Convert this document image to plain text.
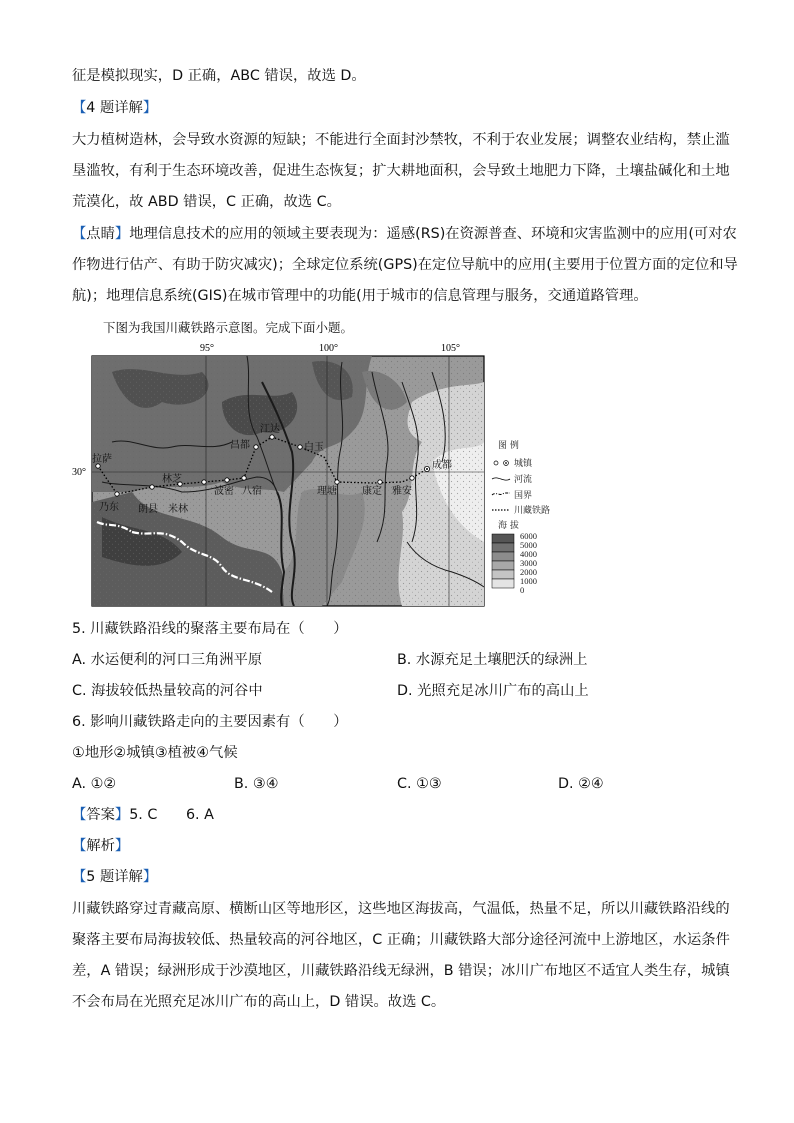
征是模拟现实，D 正确，ABC 错误，故选 D。
【4 题详解】
大力植树造林，会导致水资源的短缺；不能进行全面封沙禁牧，不利于农业发展；调整农业结构，禁止滥
垦滥牧，有利于生态环境改善，促进生态恢复；扩大耕地面积，会导致土地肥力下降，土壤盐碱化和土地
荒漠化，故 ABD 错误，C 正确，故选 C。
【点睛】地理信息技术的应用的领域主要表现为：遥感(RS)在资源普查、环境和灾害监测中的应用(可对农
作物进行估产、有助于防灾减灾)；全球定位系统(GPS)在定位导航中的应用(主要用于位置方面的定位和导
航)；地理信息系统(GIS)在城市管理中的功能(用于城市的信息管理与服务，交通道路管理。
下图为我国川藏铁路示意图。完成下面小题。
95°	100°	105°
30°
拉萨
乃东
林芝
朗县 米林
波密 八宿
昌都
江达
白玉
理塘	康定 雅安
成都
图 例
城镇
河流
国界
川藏铁路
海 拔
6000
5000
4000
3000
2000
1000
0
5. 川藏铁路沿线的聚落主要布局在（　　）
A. 水运便利的河口三角洲平原	B. 水源充足土壤肥沃的绿洲上
C. 海拔较低热量较高的河谷中	D. 光照充足冰川广布的高山上
6. 影响川藏铁路走向的主要因素有（　　）
①地形②城镇③植被④气候
A. ①②	B. ③④	C. ①③	D. ②④
【答案】5. C　　6. A
【解析】
【5 题详解】
川藏铁路穿过青藏高原、横断山区等地形区，这些地区海拔高，气温低，热量不足，所以川藏铁路沿线的
聚落主要布局海拔较低、热量较高的河谷地区，C 正确；川藏铁路大部分途径河流中上游地区，水运条件
差，A 错误；绿洲形成于沙漠地区，川藏铁路沿线无绿洲，B 错误；冰川广布地区不适宜人类生存，城镇
不会布局在光照充足冰川广布的高山上，D 错误。故选 C。
